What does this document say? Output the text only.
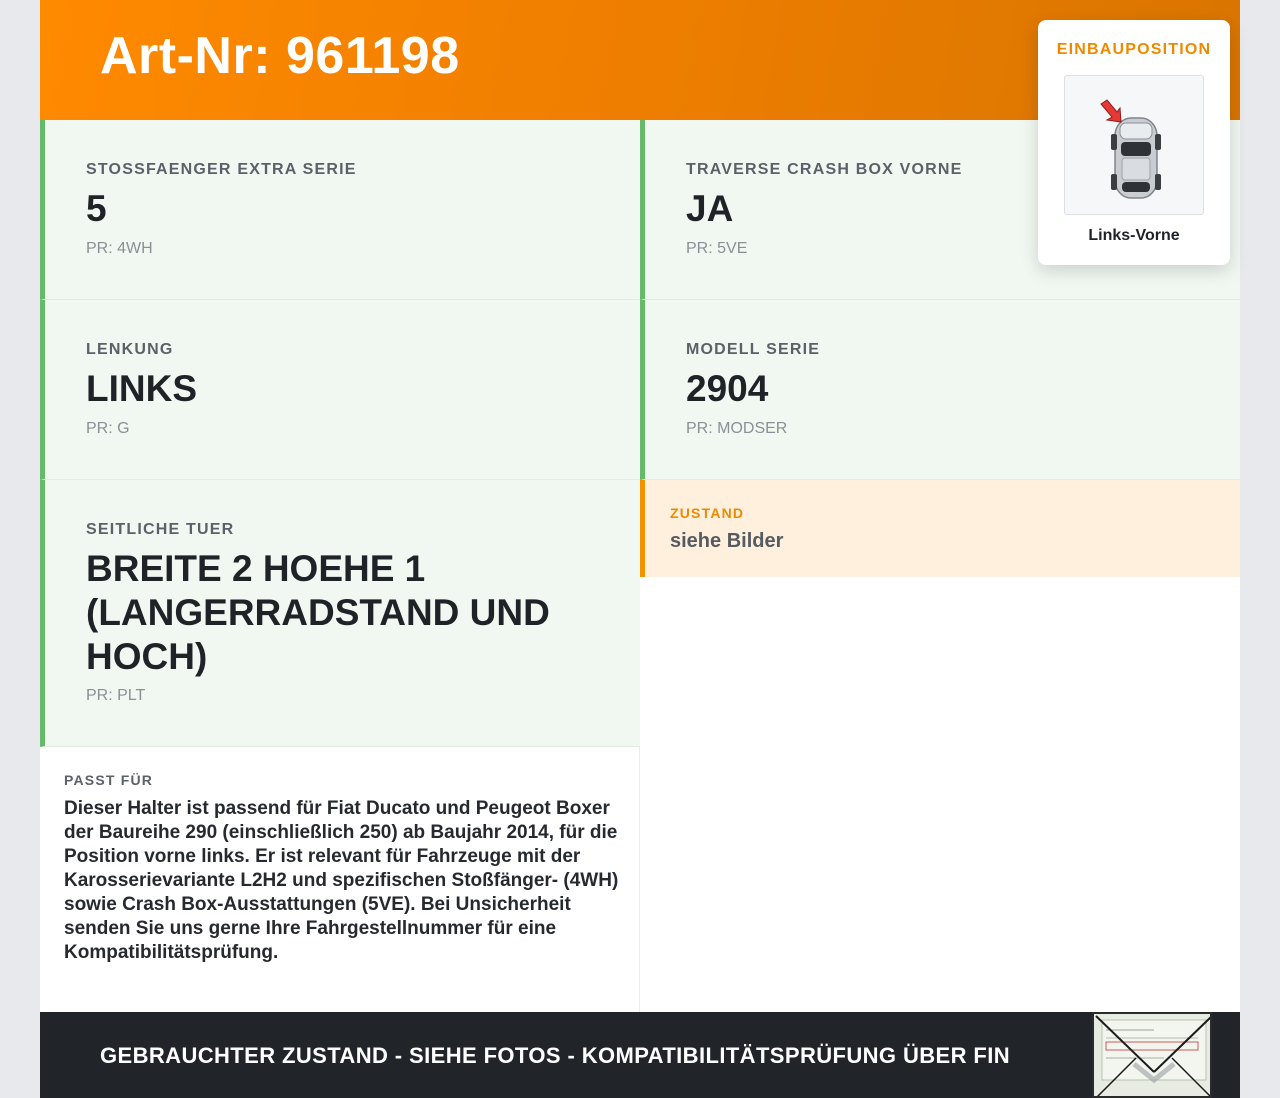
Art-Nr: 961198
STOSSFAENGER EXTRA SERIE
5
PR: 4WH
TRAVERSE CRASH BOX VORNE
JA
PR: 5VE
LENKUNG
LINKS
PR: G
MODELL SERIE
2904
PR: MODSER
SEITLICHE TUER
BREITE 2 HOEHE 1 (LANGERRADSTAND UND HOCH)
PR: PLT
ZUSTAND
siehe Bilder
PASST FÜR
Dieser Halter ist passend für Fiat Ducato und Peugeot Boxer der Baureihe 290 (einschließlich 250) ab Baujahr 2014, für die Position vorne links. Er ist relevant für Fahrzeuge mit der Karosserievariante L2H2 und spezifischen Stoßfänger- (4WH) sowie Crash Box-Ausstattungen (5VE). Bei Unsicherheit senden Sie uns gerne Ihre Fahrgestellnummer für eine Kompatibilitätsprüfung.
GEBRAUCHTER ZUSTAND - SIEHE FOTOS - KOMPATIBILITÄTSPRÜFUNG ÜBER FIN
EINBAUPOSITION
Links-Vorne
